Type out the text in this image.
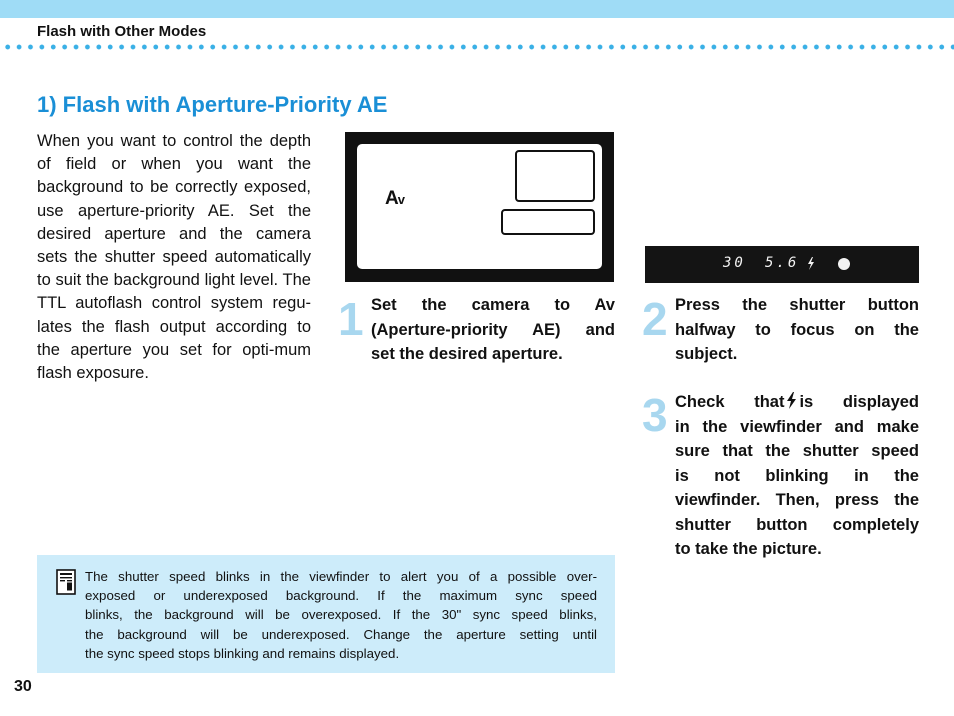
Flash with Other Modes
1) Flash with Aperture-Priority AE

When you want to control the depth of field or when you want the background to be correctly exposed, use aperture-priority AE. Set the desired aperture and the camera sets the shutter speed automatically to suit the background light level. The TTL autoflash control system regu-lates the flash output according to the aperture you set for opti-mum flash exposure.

Av
30 5.6
1 Set the camera to Av
(Aperture-priority AE) and
set the desired aperture.
2 Press the shutter button
halfway to focus on the
subject.
3 Check that is displayed
in the viewfinder and make
sure that the shutter speed
is not blinking in the
viewfinder. Then, press the
shutter button completely
to take the picture.
The shutter speed blinks in the viewfinder to alert you of a possible over-
exposed or underexposed background. If the maximum sync speed
blinks, the background will be overexposed. If the 30" sync speed blinks,
the background will be underexposed. Change the aperture setting until
the sync speed stops blinking and remains displayed.
30
